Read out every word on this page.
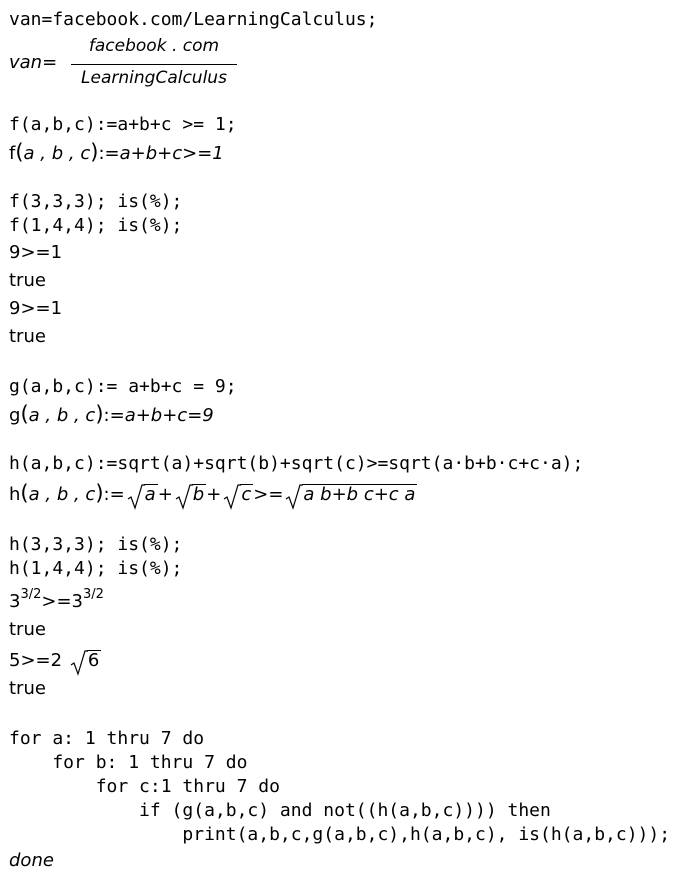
van=facebook.com/LearningCalculus;

van=

facebook . com

LearningCalculus

f(a,b,c):=a+b+c >= 1;
f(a , b , c):=a+b+c>=1
f(3,3,3); is(%);
f(1,4,4); is(%);
9>=1
true
9>=1
true
g(a,b,c):= a+b+c = 9;
g(a , b , c):=a+b+c=9
h(a,b,c):=sqrt(a)+sqrt(b)+sqrt(c)>=sqrt(a·b+b·c+c·a);
h(a , b , c):= a + b + c >= a b+b c+c a
h(3,3,3); is(%);
h(1,4,4); is(%);
$3^{3/2}>=3^{3/2}$
true
5>=2 6
true
for a: 1 thru 7 do
for b: 1 thru 7 do
for c:1 thru 7 do
if (g(a,b,c) and not((h(a,b,c)))) then
print(a,b,c,g(a,b,c),h(a,b,c), is(h(a,b,c)));
done
